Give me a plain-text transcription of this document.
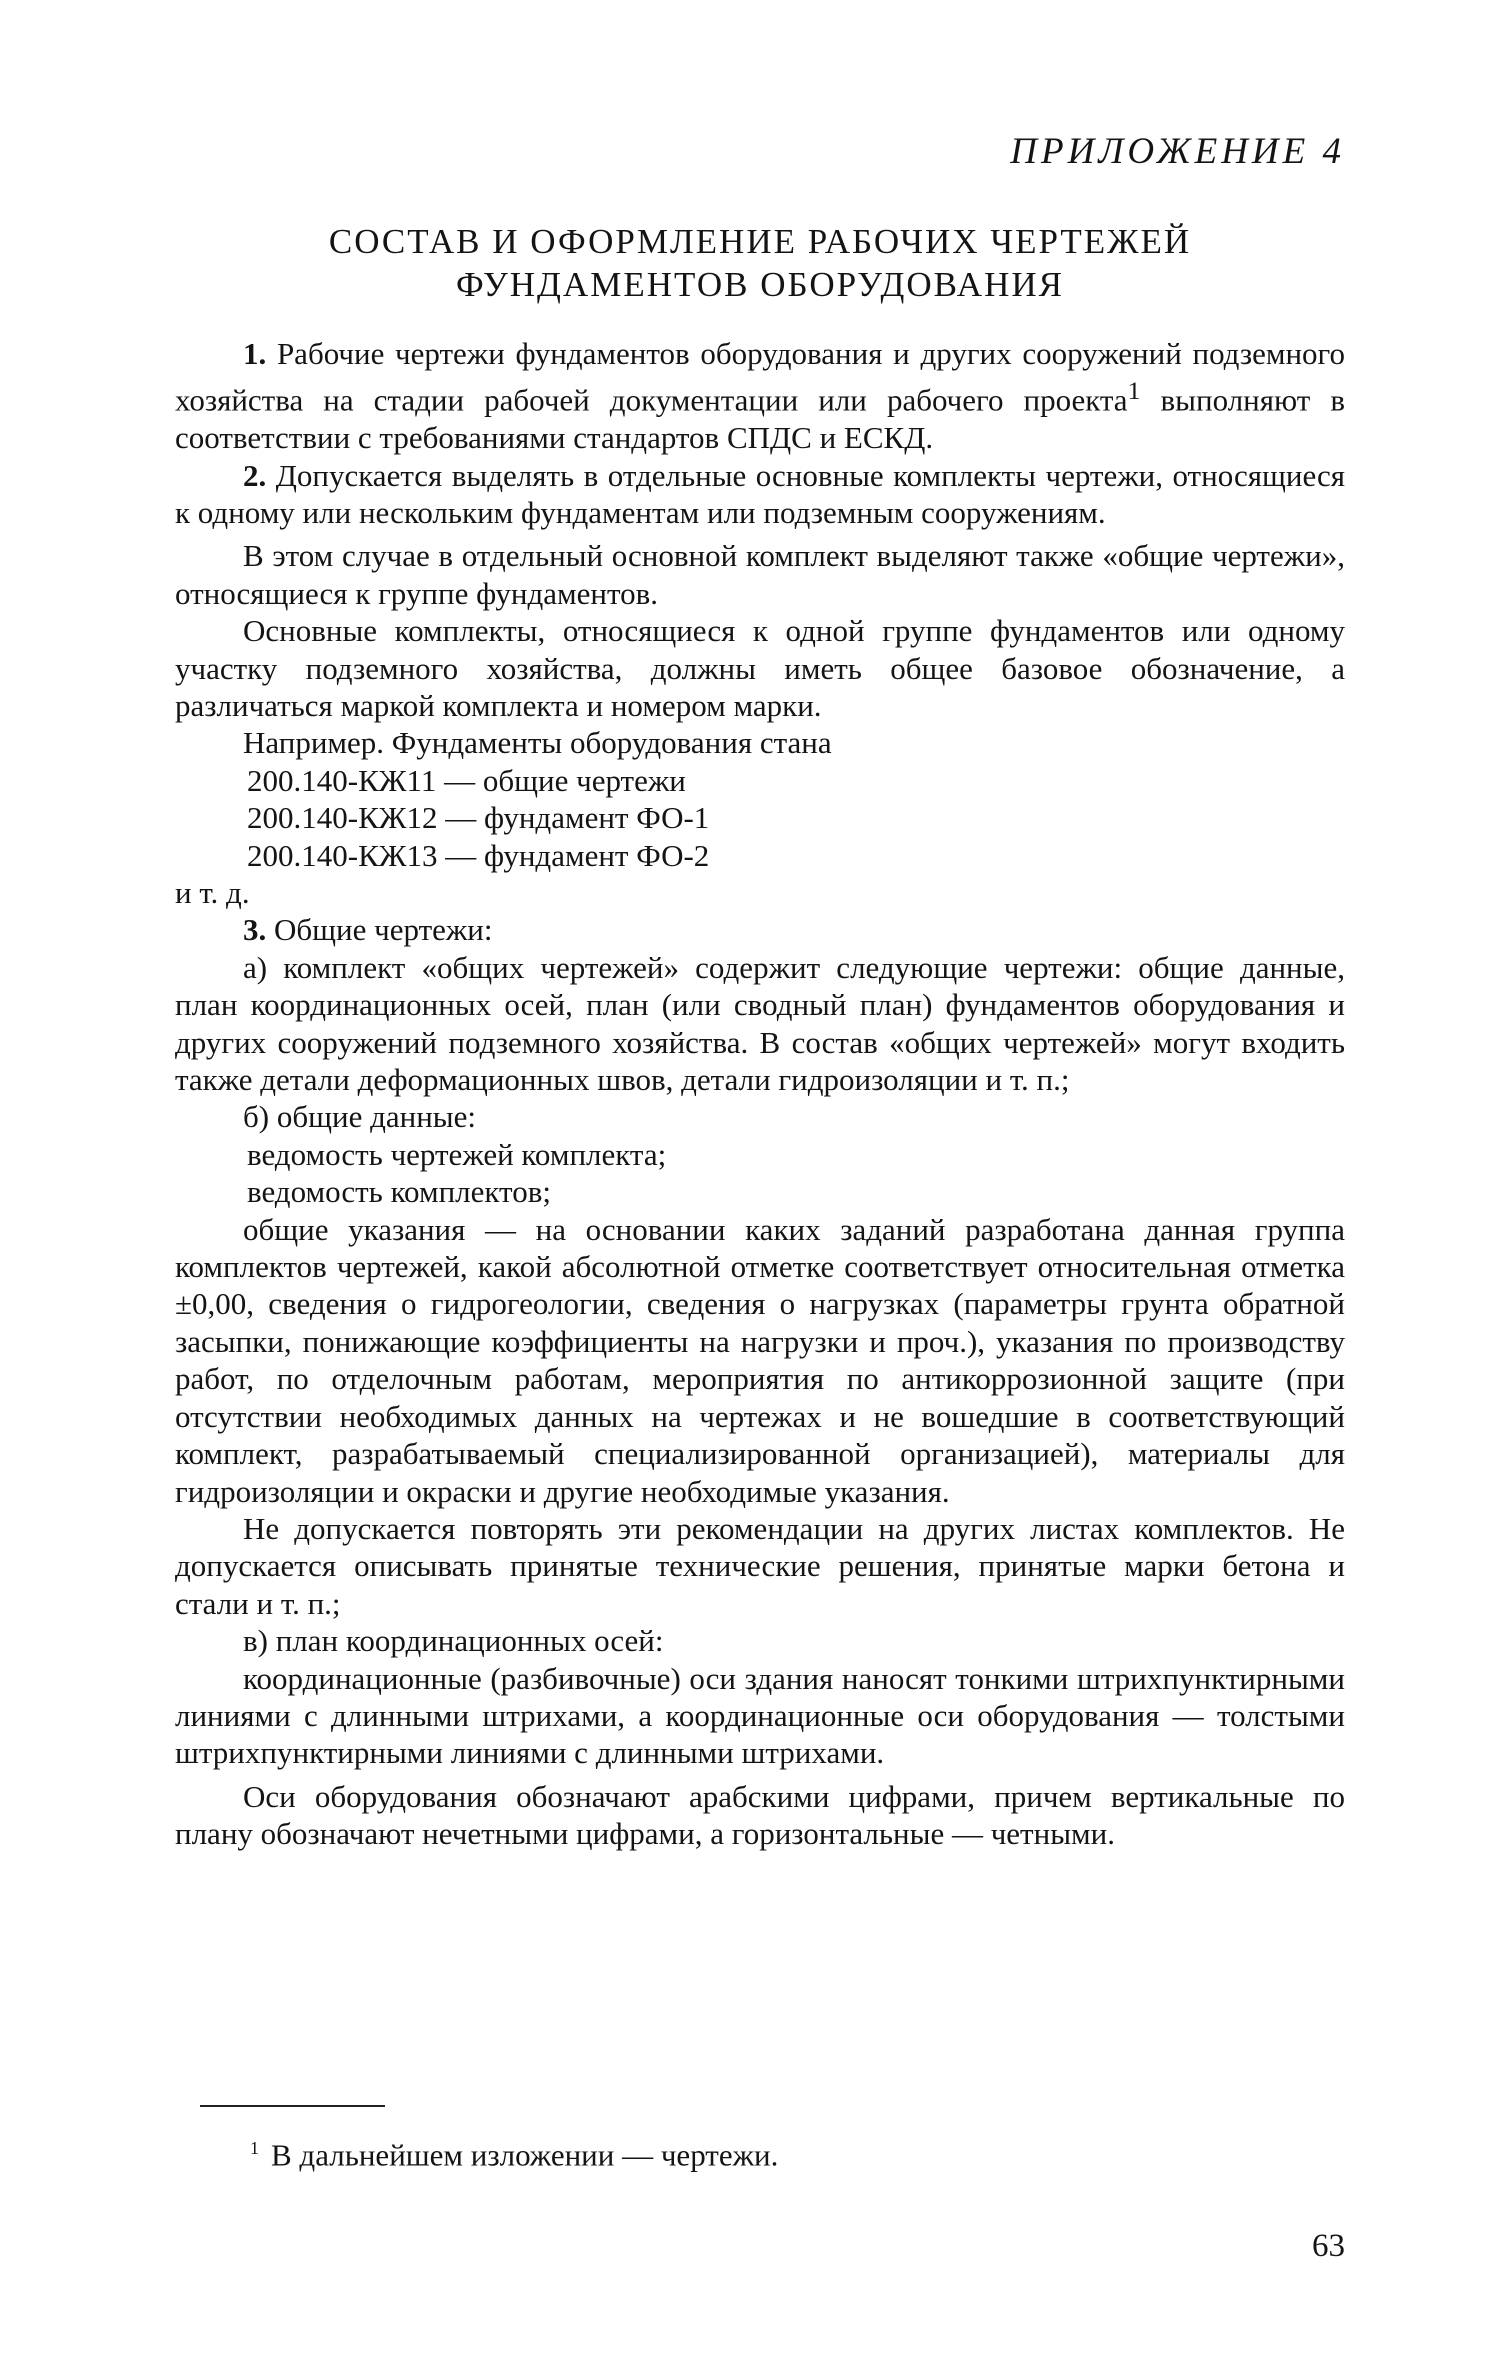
ПРИЛОЖЕНИЕ 4
СОСТАВ И ОФОРМЛЕНИЕ РАБОЧИХ ЧЕРТЕЖЕЙ
ФУНДАМЕНТОВ ОБОРУДОВАНИЯ

1. Рабочие чертежи фундаментов оборудования и других сооружений подземного хозяйства на стадии рабочей документации или рабочего проекта$^1$ выполняют в соответствии с требованиями стандартов СПДС и ЕСКД.

2. Допускается выделять в отдельные основные комплекты чертежи, относящиеся к одному или нескольким фундаментам или подземным сооружениям.

В этом случае в отдельный основной комплект выделяют также «общие чертежи», относящиеся к группе фундаментов.

Основные комплекты, относящиеся к одной группе фундаментов или одному участку подземного хозяйства, должны иметь общее базовое обозначение, а различаться маркой комплекта и номером марки.

Например. Фундаменты оборудования стана

200.140-КЖ11 — общие чертежи

200.140-КЖ12 — фундамент ФО-1

200.140-КЖ13 — фундамент ФО-2

и т. д.

3. Общие чертежи:

а) комплект «общих чертежей» содержит следующие чертежи: общие данные, план координационных осей, план (или сводный план) фундаментов оборудования и других сооружений подземного хозяйства. В состав «общих чертежей» могут входить также детали деформационных швов, детали гидроизоляции и т. п.;

б) общие данные:

ведомость чертежей комплекта;

ведомость комплектов;

общие указания — на основании каких заданий разработана данная группа комплектов чертежей, какой абсолютной отметке соответствует относительная отметка ±0,00, сведения о гидрогеологии, сведения о нагрузках (параметры грунта обратной засыпки, понижающие коэффициенты на нагрузки и проч.), указания по производству работ, по отделочным работам, мероприятия по антикоррозионной защите (при отсутствии необходимых данных на чертежах и не вошедшие в соответствующий комплект, разрабатываемый специализированной организацией), материалы для гидроизоляции и окраски и другие необходимые указания.

Не допускается повторять эти рекомендации на других листах комплектов. Не допускается описывать принятые технические решения, принятые марки бетона и стали и т. п.;

в) план координационных осей:

координационные (разбивочные) оси здания наносят тонкими штрихпунктирными линиями с длинными штрихами, а координационные оси оборудования — толстыми штрихпунктирными линиями с длинными штрихами.

Оси оборудования обозначают арабскими цифрами, причем вертикальные по плану обозначают нечетными цифрами, а горизонтальные — четными.

$^1$ В дальнейшем изложении — чертежи.
63
